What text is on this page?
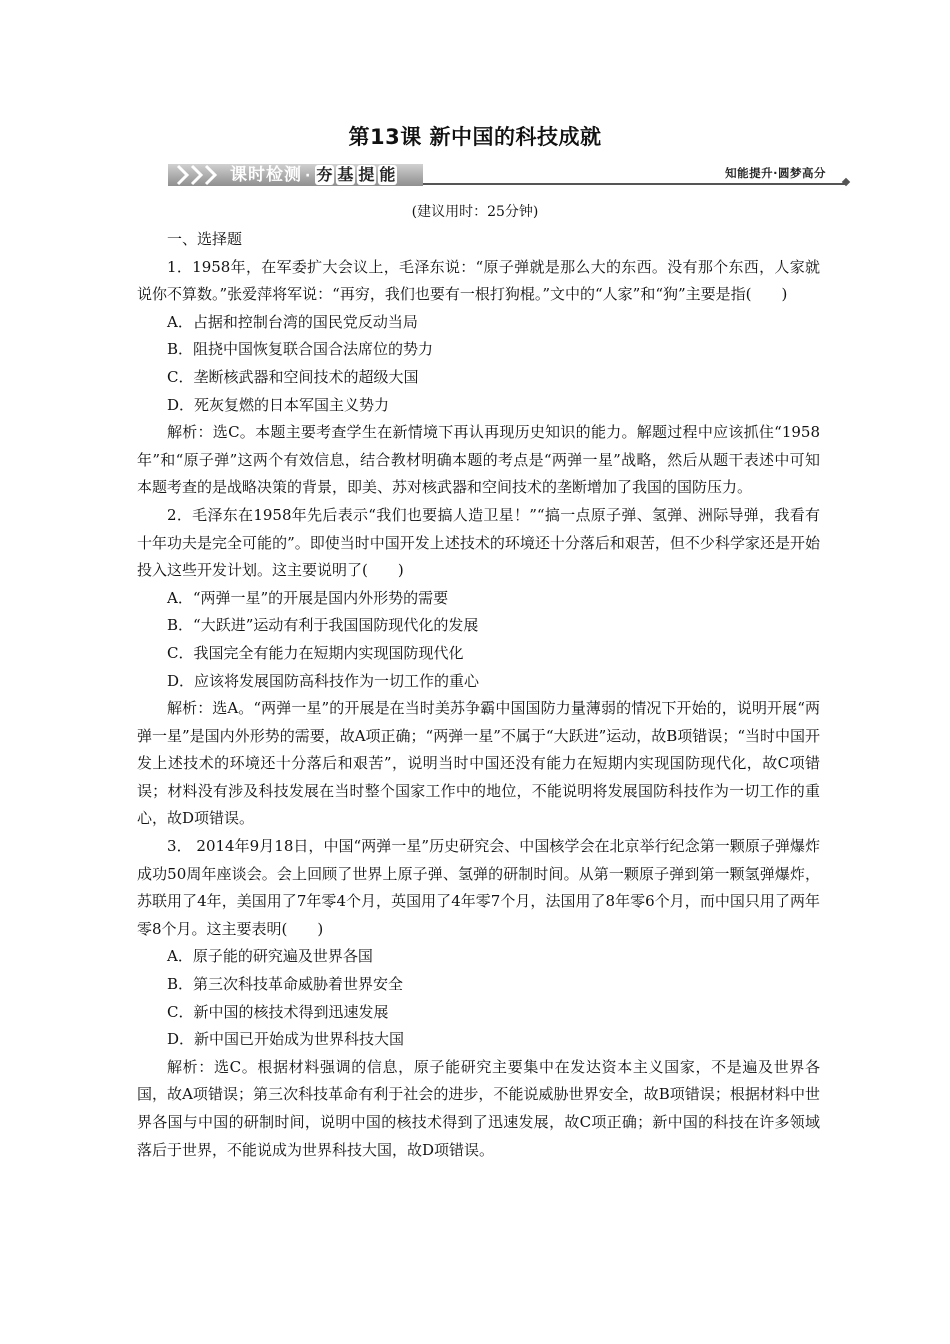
第13课 新中国的科技成就
课时检测 · 夯 基 提 能	知能提升·圆梦高分
(建议用时：25分钟)

一、选择题

1．1958年，在军委扩大会议上，毛泽东说：“原子弹就是那么大的东西。没有那个东西，人家就说你不算数。”张爱萍将军说：“再穷，我们也要有一根打狗棍。”文中的“人家”和“狗”主要是指(　　)

A．占据和控制台湾的国民党反动当局

B．阻挠中国恢复联合国合法席位的势力

C．垄断核武器和空间技术的超级大国

D．死灰复燃的日本军国主义势力

解析：选C。本题主要考查学生在新情境下再认再现历史知识的能力。解题过程中应该抓住“1958年”和“原子弹”这两个有效信息，结合教材明确本题的考点是“两弹一星”战略，然后从题干表述中可知本题考查的是战略决策的背景，即美、苏对核武器和空间技术的垄断增加了我国的国防压力。

2．毛泽东在1958年先后表示“我们也要搞人造卫星！”“搞一点原子弹、氢弹、洲际导弹，我看有十年功夫是完全可能的”。即使当时中国开发上述技术的环境还十分落后和艰苦，但不少科学家还是开始投入这些开发计划。这主要说明了(　　)

A．“两弹一星”的开展是国内外形势的需要

B．“大跃进”运动有利于我国国防现代化的发展

C．我国完全有能力在短期内实现国防现代化

D．应该将发展国防高科技作为一切工作的重心

解析：选A。“两弹一星”的开展是在当时美苏争霸中国国防力量薄弱的情况下开始的，说明开展“两弹一星”是国内外形势的需要，故A项正确；“两弹一星”不属于“大跃进”运动，故B项错误；“当时中国开发上述技术的环境还十分落后和艰苦”，说明当时中国还没有能力在短期内实现国防现代化，故C项错误；材料没有涉及科技发展在当时整个国家工作中的地位，不能说明将发展国防科技作为一切工作的重心，故D项错误。

3． 2014年9月18日，中国“两弹一星”历史研究会、中国核学会在北京举行纪念第一颗原子弹爆炸成功50周年座谈会。会上回顾了世界上原子弹、氢弹的研制时间。从第一颗原子弹到第一颗氢弹爆炸，苏联用了4年，美国用了7年零4个月，英国用了4年零7个月，法国用了8年零6个月，而中国只用了两年零8个月。这主要表明(　　)

A．原子能的研究遍及世界各国

B．第三次科技革命威胁着世界安全

C．新中国的核技术得到迅速发展

D．新中国已开始成为世界科技大国

解析：选C。根据材料强调的信息，原子能研究主要集中在发达资本主义国家，不是遍及世界各国，故A项错误；第三次科技革命有利于社会的进步，不能说威胁世界安全，故B项错误；根据材料中世界各国与中国的研制时间，说明中国的核技术得到了迅速发展，故C项正确；新中国的科技在许多领域落后于世界，不能说成为世界科技大国，故D项错误。
